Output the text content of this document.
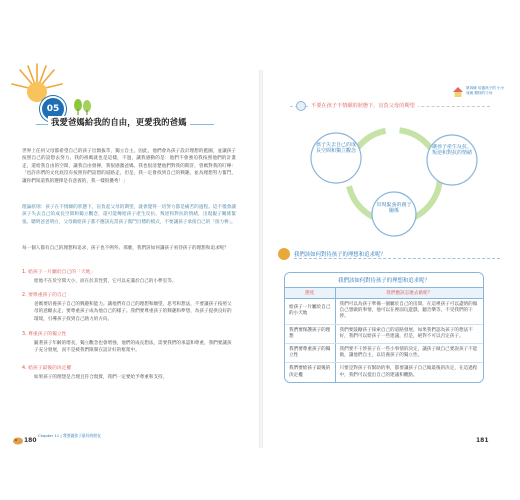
05
我愛爸媽給我的自由，更愛我的爸媽
世界上任何父母都希望自己的孩子出類拔萃，獨立自主。因此，他們會為孩子設計理想的藍圖，並讓孩子按照自己的設想去努力。我的祖媽就也是這樣，不過，讓我感動的是：他們不會強迫我按照他們的計畫走，還給我自由的空間，讓我自由發揮，我很感激爸媽。我也很清楚他們對我的期許，曾媽對我的叮嚀：「也許你們的文化底沒有按照你們設想的道路走，但是，我一定會找到自己的興趣，並為理想努力奮鬥，讓你們知道我的選擇是有意義的，我一樣很優秀！」
理論原則：孩子在不情願的狀態下，盲負起父母的期望，就會覺得一切努力都是痛苦的過程。這不僅會讓孩子失去自己的成長空間和獨立觀念，還可能傳給孩子產生反抗、叛逆和對抗的情緒，出現親子關係緊張。聰明爸爸明白，父母做給孩子都不應該充當孩子奮鬥目標的模式，不要讓孩子承接自己的「接力棒」。
每一個人都有自己的理想和追求，孩子也不例外。那麼，我們該如何讓孩子看待孩子的理想和追求呢？
1. 給孩子一片屬於自己的「天地」
給他不在於空間大小，而在於其性質，它可以充滿於自己的小夢室等。
2. 要尊重孩子的自己
爸媽要培養孩子自己的興趣和能力。讓他們有自己的理想和願望，思考和想法，不要讓孩子按照父母的意願去走，要尊重孩子成為他自己的樣子。我們要尊重孩子的興趣和夢想，為孩子提供良好的環境，引導孩子找到自己熱力的方向。
3. 尊重孩子的獨立性
隨著孩子年齡的增長，獨立觀念也會增強，他們的成長想法，需要我們的承認和尊重，我們要讓孩子充分發展，而不是被我們限制在設計好的框架中。
4. 給孩子最後的決定權
如果孩子的理想是合理且符合現實，我們一定要給予尊重和支持。
180
Chapter 11 | 我要做孩子最好的朋友
第四條 培養孩子的 小小成就 期待的父母
不要在孩子不情願的狀態下，盲負父母的期望
孩子失去自己的成長空間和獨立觀念
讓孩子產生反抗、叛逆和對抗的情緒
出現緊張的親子關係
我們該如何對待孩子的理想和追求呢？
我們該如何對待孩子的理想和追求呢？
態度	我們應該怎麼去做呢？
給孩子一片屬於自己的小天地	我們可以為孩子準備一個屬於自己的房間，在這裡孩子可以盡情的做自己想做的事情，他可以在裡面玩遊戲、聽音樂等，不受我們的干涉。
我們要保護孩子的理想	我們要鼓勵孩子探索自己的道路發展，如果我們認為孩子的想法不好，我們可以給孩子一些建議，但是，絕對不可以否定孩子。
我們要尊重孩子的獨立性	我們要不干涉孩子在一些小事情的決定，讓孩子做自己要說孩子不能做，讓他們自主，以培養孩子的獨立性。
我們要給孩子最後的決定權	只要是對孩子有幫助的事，都要讓孩子自己做最後的決定，在這過程中，我們可以提出自己的建議和觀點。
181
